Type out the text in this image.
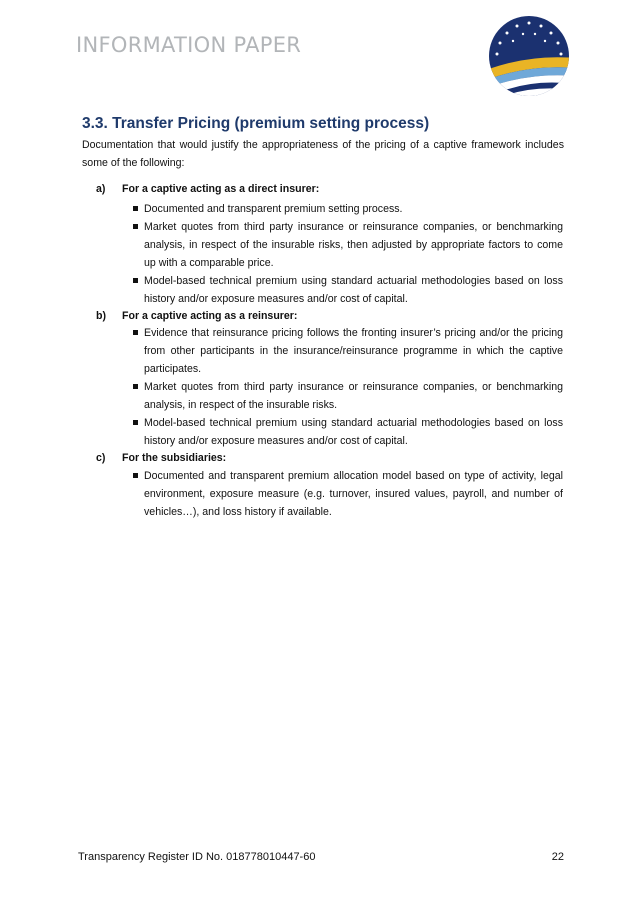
INFORMATION PAPER
3.3. Transfer Pricing (premium setting process)

Documentation that would justify the appropriateness of the pricing of a captive framework includes some of the following:

a) For a captive acting as a direct insurer:
Documented and transparent premium setting process.
Market quotes from third party insurance or reinsurance companies, or benchmarking analysis, in respect of the insurable risks, then adjusted by appropriate factors to come up with a comparable price.
Model-based technical premium using standard actuarial methodologies based on loss history and/or exposure measures and/or cost of capital.
b) For a captive acting as a reinsurer:
Evidence that reinsurance pricing follows the fronting insurer’s pricing and/or the pricing from other participants in the insurance/reinsurance programme in which the captive participates.
Market quotes from third party insurance or reinsurance companies, or benchmarking analysis, in respect of the insurable risks.
Model-based technical premium using standard actuarial methodologies based on loss history and/or exposure measures and/or cost of capital.
c) For the subsidiaries:
Documented and transparent premium allocation model based on type of activity, legal environment, exposure measure (e.g. turnover, insured values, payroll, and number of vehicles…), and loss history if available.
Transparency Register ID No. 018778010447-60	22
